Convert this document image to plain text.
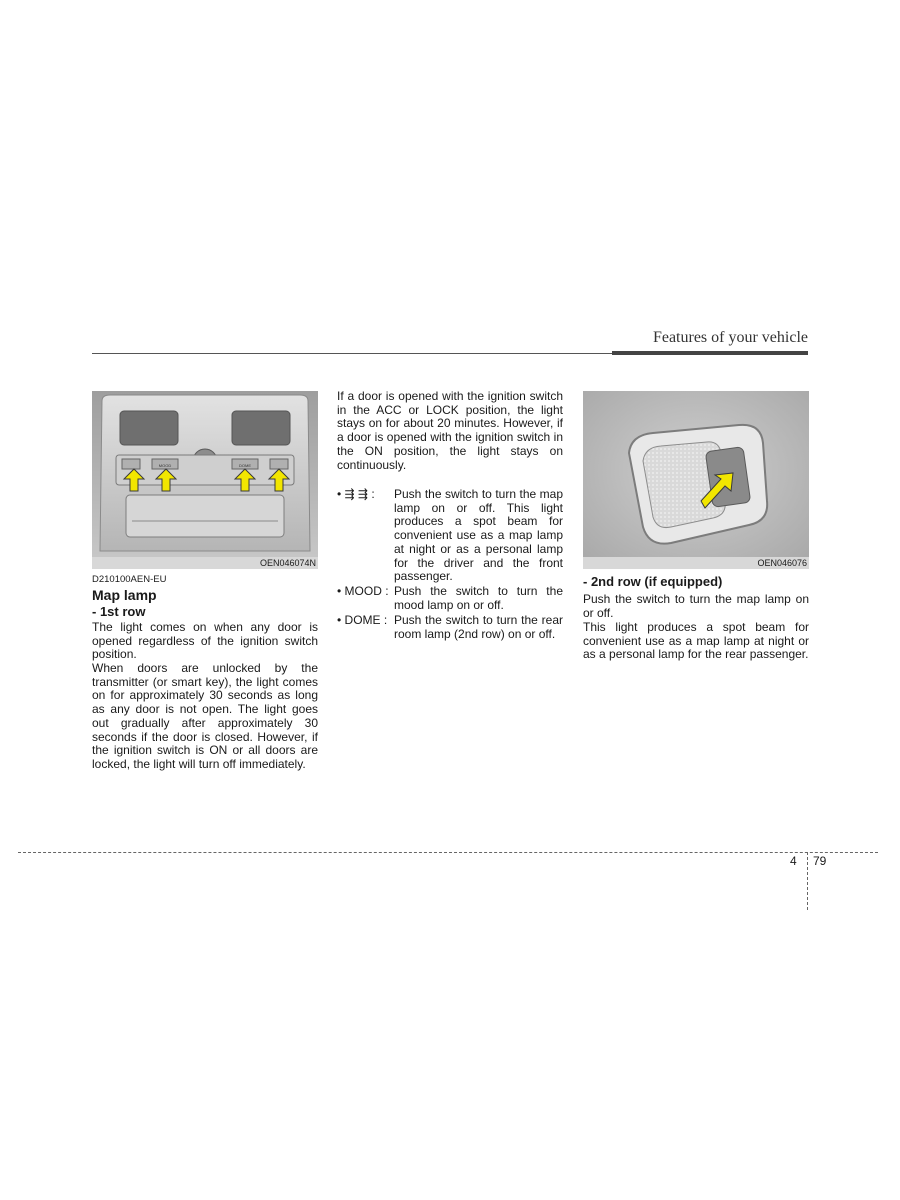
Features of your vehicle
MOOD	DOME
OEN046074N
D210100AEN-EU
Map lamp
- 1st row
The light comes on when any door is opened regardless of the ignition switch position.
When doors are unlocked by the transmitter (or smart key), the light comes on for approximately 30 seconds as long as any door is not open. The light goes out gradually after approximately 30 seconds if the door is closed. However, if the ignition switch is ON or all doors are locked, the light will turn off immediately.
If a door is opened with the ignition switch in the ACC or LOCK position, the light stays on for about 20 minutes. However, if a door is opened with the ignition switch in the ON position, the light stays on continuously.
• ⇶ ⇶ : Push the switch to turn the map lamp on or off. This light produces a spot beam for convenient use as a map lamp at night or as a personal lamp for the driver and the front passenger.
• MOOD : Push the switch to turn the mood lamp on or off.
• DOME : Push the switch to turn the rear room lamp (2nd row) on or off.
OEN046076
- 2nd row (if equipped)
Push the switch to turn the map lamp on or off.
This light produces a spot beam for convenient use as a map lamp at night or as a personal lamp for the rear passenger.
4 79
